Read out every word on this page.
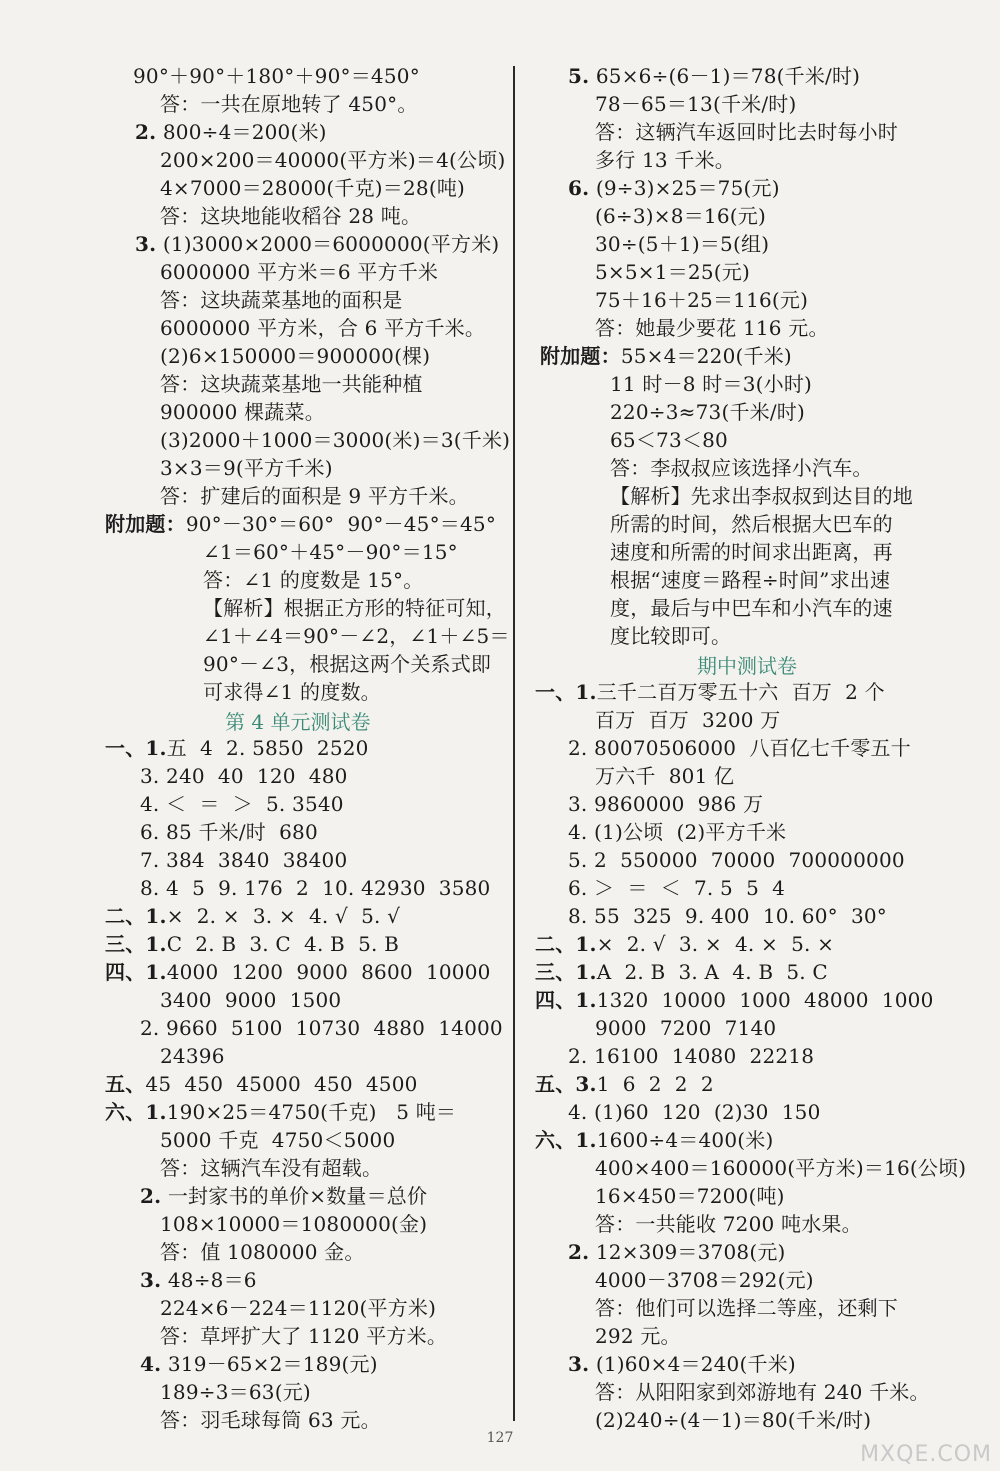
90°＋90°＋180°＋90°＝450°
答：一共在原地转了 450°。
2. 800÷4＝200(米)
200×200＝40000(平方米)＝4(公顷)
4×7000＝28000(千克)＝28(吨)
答：这块地能收稻谷 28 吨。
3. (1)3000×2000＝6000000(平方米)
6000000 平方米＝6 平方千米
答：这块蔬菜基地的面积是
6000000 平方米，合 6 平方千米。
(2)6×150000＝900000(棵)
答：这块蔬菜基地一共能种植
900000 棵蔬菜。
(3)2000＋1000＝3000(米)＝3(千米)
3×3＝9(平方千米)
答：扩建后的面积是 9 平方千米。
附加题：90°－30°＝60°  90°－45°＝45°
∠1＝60°＋45°－90°＝15°
答：∠1 的度数是 15°。
【解析】根据正方形的特征可知，
∠1＋∠4＝90°－∠2，∠1＋∠5＝
90°－∠3，根据这两个关系式即
可求得∠1 的度数。
第 4 单元测试卷
一、1.五  4  2. 5850  2520
3. 240  40  120  480
4. ＜  ＝  ＞  5. 3540
6. 85 千米/时  680
7. 384  3840  38400
8. 4  5  9. 176  2  10. 42930  3580
二、1.×  2. ×  3. ×  4. √  5. √
三、1.C  2. B  3. C  4. B  5. B
四、1.4000  1200  9000  8600  10000
3400  9000  1500
2. 9660  5100  10730  4880  14000
24396
五、45  450  45000  450  4500
六、1.190×25＝4750(千克)   5 吨＝
5000 千克  4750＜5000
答：这辆汽车没有超载。
2. 一封家书的单价×数量＝总价
108×10000＝1080000(金)
答：值 1080000 金。
3. 48÷8＝6
224×6－224＝1120(平方米)
答：草坪扩大了 1120 平方米。
4. 319－65×2＝189(元)
189÷3＝63(元)
答：羽毛球每筒 63 元。
5. 65×6÷(6－1)＝78(千米/时)
78－65＝13(千米/时)
答：这辆汽车返回时比去时每小时
多行 13 千米。
6. (9÷3)×25＝75(元)
(6÷3)×8＝16(元)
30÷(5＋1)＝5(组)
5×5×1＝25(元)
75＋16＋25＝116(元)
答：她最少要花 116 元。
附加题：55×4＝220(千米)
11 时－8 时＝3(小时)
220÷3≈73(千米/时)
65＜73＜80
答：李叔叔应该选择小汽车。
【解析】先求出李叔叔到达目的地
所需的时间，然后根据大巴车的
速度和所需的时间求出距离，再
根据“速度＝路程÷时间”求出速
度，最后与中巴车和小汽车的速
度比较即可。
期中测试卷
一、1.三千二百万零五十六  百万  2 个
百万  百万  3200 万
2. 80070506000  八百亿七千零五十
万六千  801 亿
3. 9860000  986 万
4. (1)公顷  (2)平方千米
5. 2  550000  70000  700000000
6. ＞  ＝  ＜  7. 5  5  4
8. 55  325  9. 400  10. 60°  30°
二、1.×  2. √  3. ×  4. ×  5. ×
三、1.A  2. B  3. A  4. B  5. C
四、1.1320  10000  1000  48000  1000
9000  7200  7140
2. 16100  14080  22218
五、3.1  6  2  2  2
4. (1)60  120  (2)30  150
六、1.1600÷4＝400(米)
400×400＝160000(平方米)＝16(公顷)
16×450＝7200(吨)
答：一共能收 7200 吨水果。
2. 12×309＝3708(元)
4000－3708＝292(元)
答：他们可以选择二等座，还剩下
292 元。
3. (1)60×4＝240(千米)
答：从阳阳家到郊游地有 240 千米。
(2)240÷(4－1)＝80(千米/时)
127
MXQE.COM
